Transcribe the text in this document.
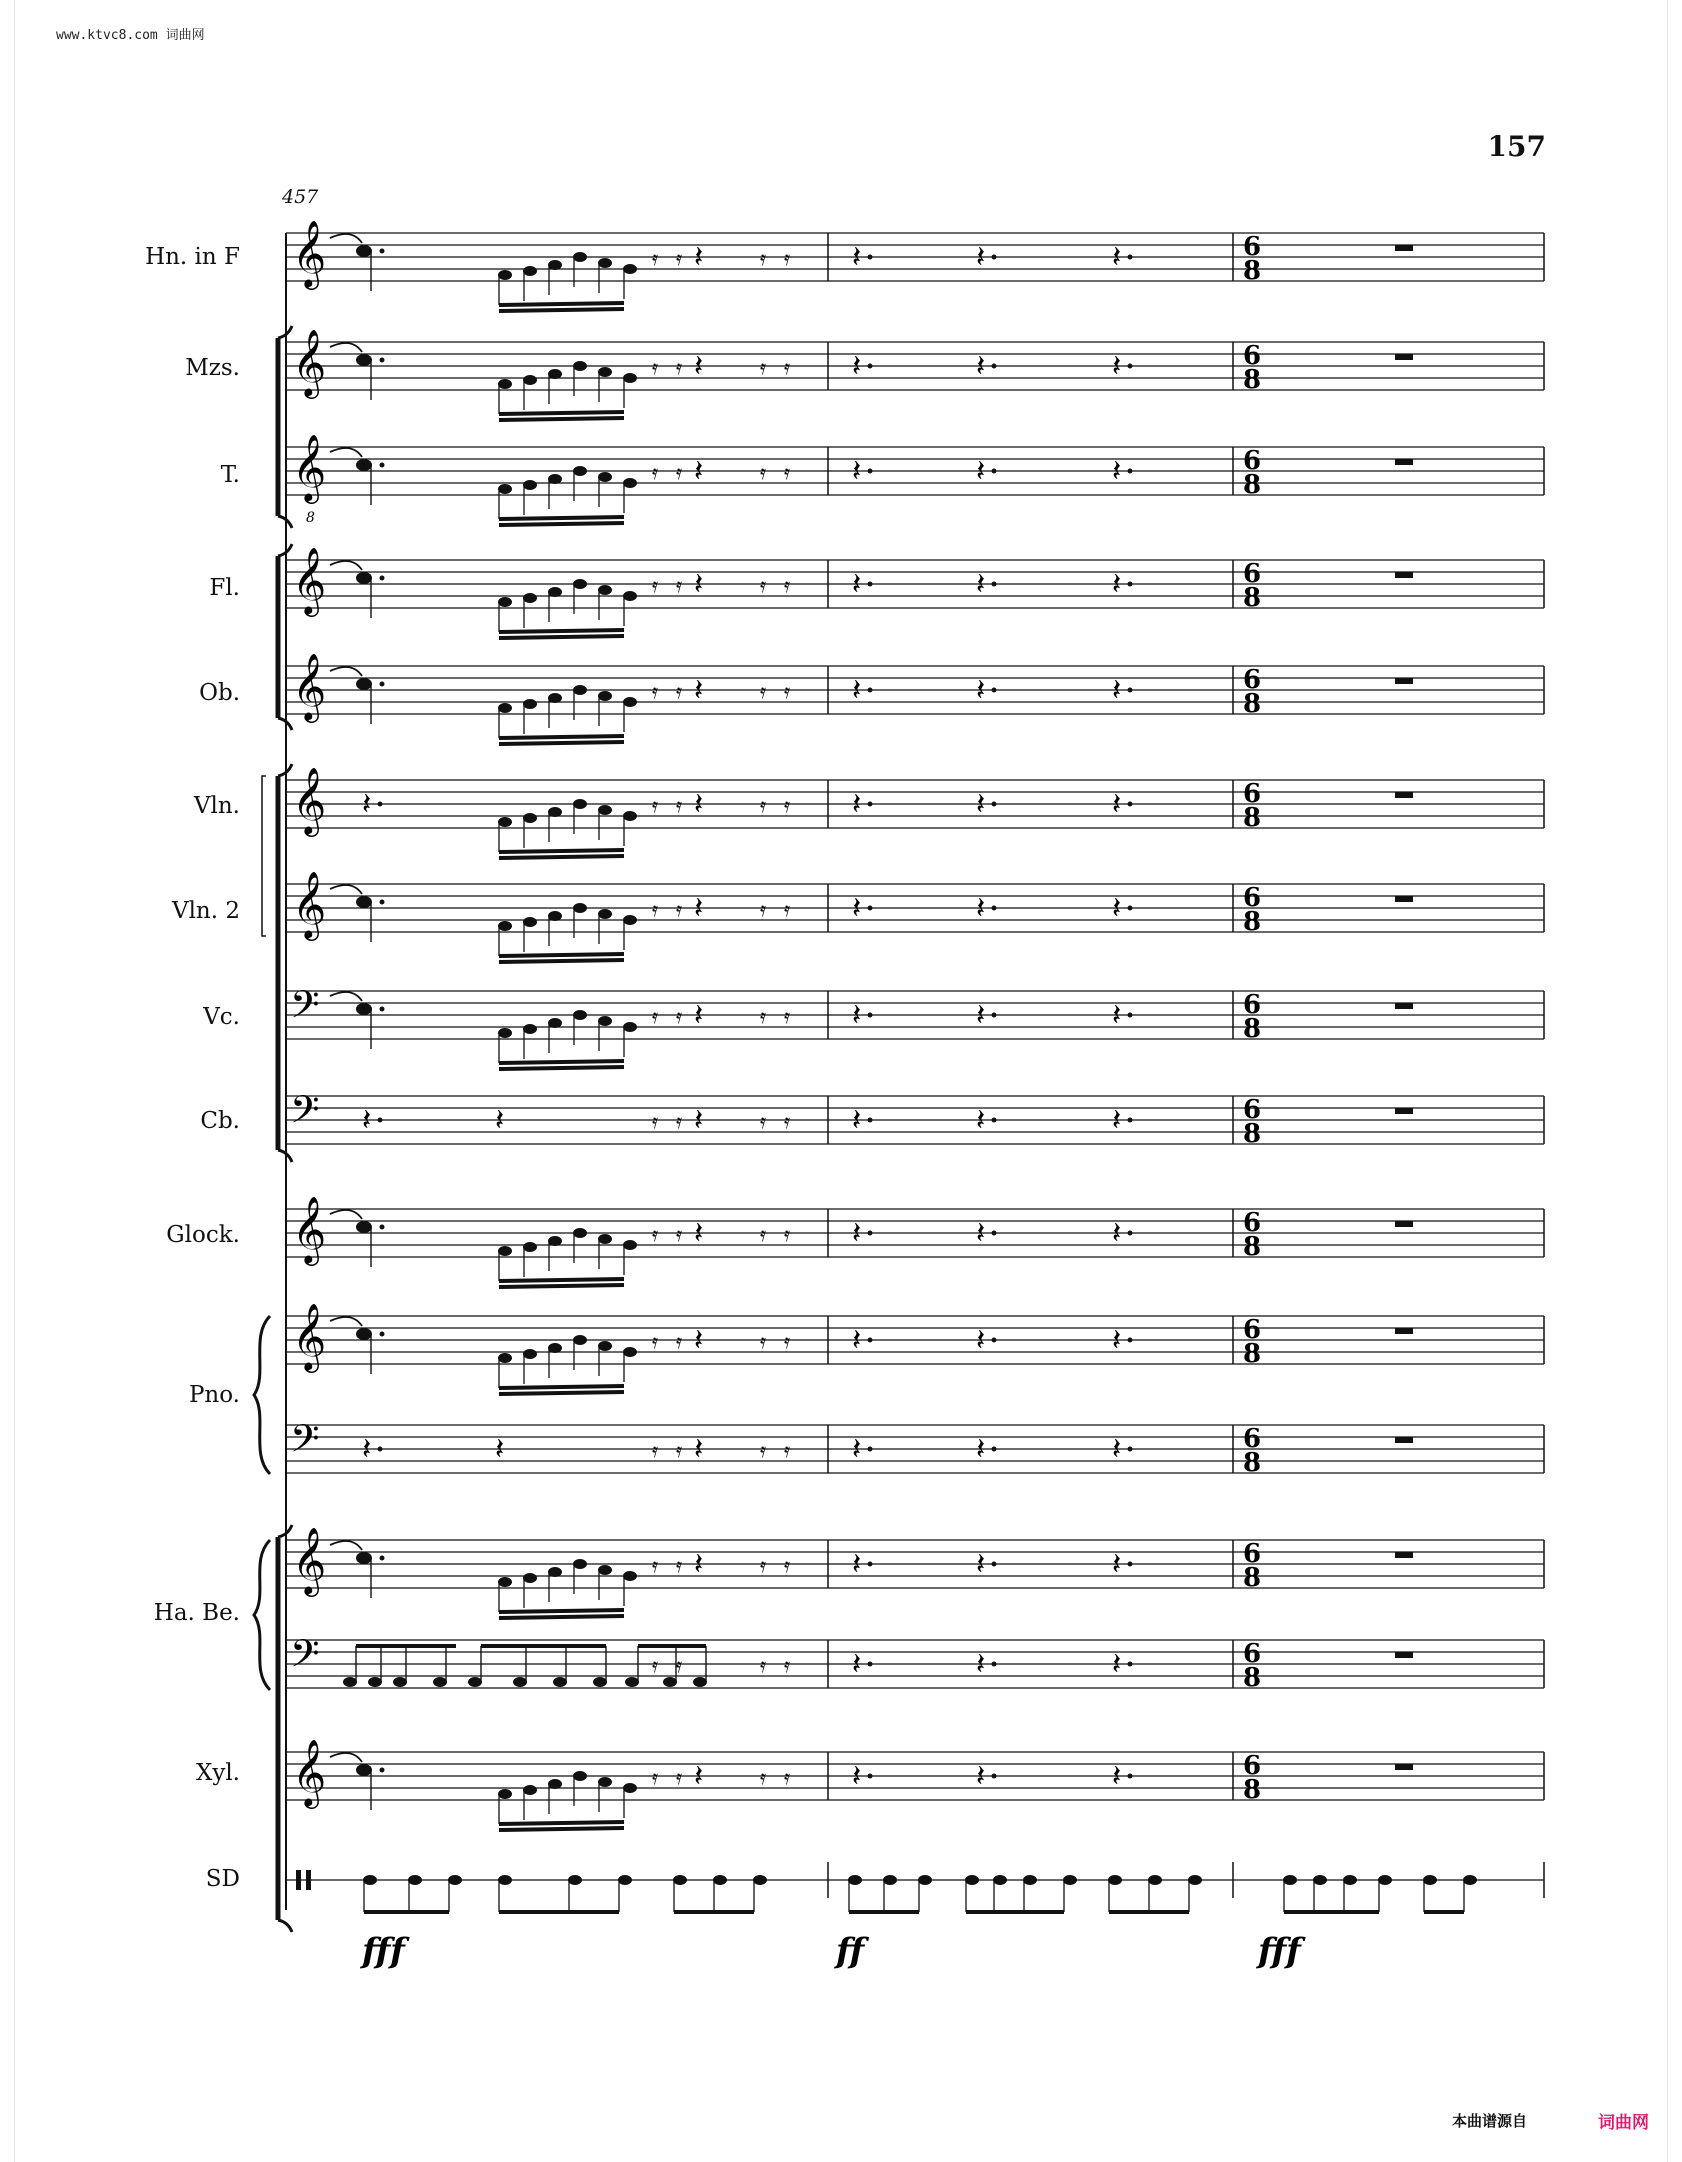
www.ktvc8.com 词曲网
157
457
Hn. in F
Mzs.
T.
Fl.
Ob.
Vln.
Vln. 2
Vc.
Cb.
Glock.
Pno.
Ha. Be.
Xyl.
SD
𝄞	6
8
𝄽	𝄽	𝄽
𝄿 𝄿	𝄿 𝄿
𝄽
𝄞	6
8
𝄽	𝄽	𝄽
𝄿 𝄿	𝄿 𝄿
𝄽
𝄞
8
6
8
𝄽	𝄽	𝄽
𝄿 𝄿	𝄿 𝄿
𝄽
𝄞	6
8
𝄽	𝄽	𝄽
𝄿 𝄿	𝄿 𝄿
𝄽
𝄞	6
8
𝄽	𝄽	𝄽
𝄿 𝄿	𝄿 𝄿
𝄽
𝄞	6
8
𝄽	𝄽	𝄽
𝄽	𝄿 𝄿	𝄿 𝄿
𝄽
𝄞	6
8
𝄽	𝄽	𝄽
𝄿 𝄿	𝄿 𝄿
𝄽
𝄢	6
8
𝄽	𝄽	𝄽
𝄿 𝄿	𝄿 𝄿
𝄽
𝄢	6
8
𝄽	𝄽	𝄽
𝄽	𝄽	𝄿 𝄿	𝄿 𝄿
𝄽
𝄞	6
8
𝄽	𝄽	𝄽
𝄿 𝄿	𝄿 𝄿
𝄽
𝄞	6
8
𝄽	𝄽	𝄽
𝄿 𝄿	𝄿 𝄿
𝄽
𝄢	6
8
𝄽	𝄽	𝄽
𝄽	𝄽	𝄿 𝄿	𝄿 𝄿
𝄽
𝄞	6
8
𝄽	𝄽	𝄽
𝄿 𝄿	𝄿 𝄿
𝄽
𝄢	6
8
𝄽	𝄽	𝄽
𝄿 𝄿	𝄿 𝄿
𝄞	6
8
𝄽	𝄽	𝄽
𝄿 𝄿	𝄿 𝄿
𝄽
fff	ff	fff
本曲谱源自	词曲网
